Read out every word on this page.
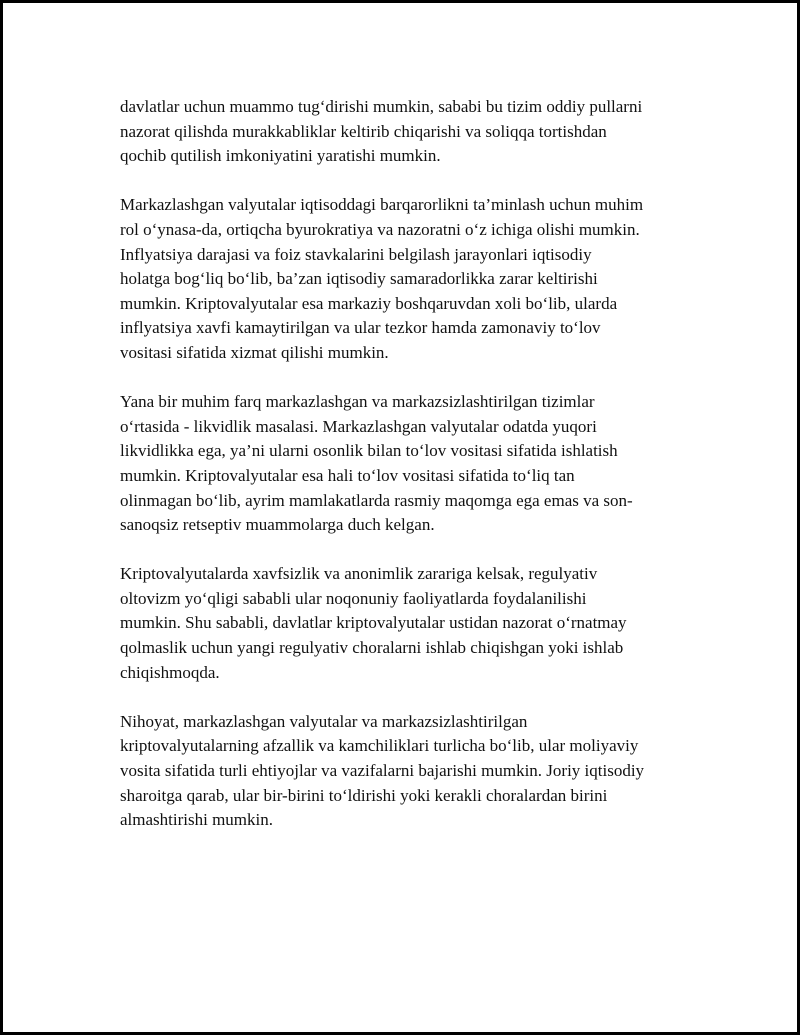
davlatlar uchun muammo tug‘dirishi mumkin, sababi bu tizim oddiy pullarni
nazorat qilishda murakkabliklar keltirib chiqarishi va soliqqa tortishdan
qochib qutilish imkoniyatini yaratishi mumkin.

Markazlashgan valyutalar iqtisoddagi barqarorlikni ta’minlash uchun muhim
rol o‘ynasa-da, ortiqcha byurokratiya va nazoratni o‘z ichiga olishi mumkin.
Inflyatsiya darajasi va foiz stavkalarini belgilash jarayonlari iqtisodiy
holatga bog‘liq bo‘lib, ba’zan iqtisodiy samaradorlikka zarar keltirishi
mumkin. Kriptovalyutalar esa markaziy boshqaruvdan xoli bo‘lib, ularda
inflyatsiya xavfi kamaytirilgan va ular tezkor hamda zamonaviy to‘lov
vositasi sifatida xizmat qilishi mumkin.

Yana bir muhim farq markazlashgan va markazsizlashtirilgan tizimlar
o‘rtasida - likvidlik masalasi. Markazlashgan valyutalar odatda yuqori
likvidlikka ega, ya’ni ularni osonlik bilan to‘lov vositasi sifatida ishlatish
mumkin. Kriptovalyutalar esa hali to‘lov vositasi sifatida to‘liq tan
olinmagan bo‘lib, ayrim mamlakatlarda rasmiy maqomga ega emas va son-
sanoqsiz retseptiv muammolarga duch kelgan.

Kriptovalyutalarda xavfsizlik va anonimlik zarariga kelsak, regulyativ
oltovizm yo‘qligi sababli ular noqonuniy faoliyatlarda foydalanilishi
mumkin. Shu sababli, davlatlar kriptovalyutalar ustidan nazorat o‘rnatmay
qolmaslik uchun yangi regulyativ choralarni ishlab chiqishgan yoki ishlab
chiqishmoqda.

Nihoyat, markazlashgan valyutalar va markazsizlashtirilgan
kriptovalyutalarning afzallik va kamchiliklari turlicha bo‘lib, ular moliyaviy
vosita sifatida turli ehtiyojlar va vazifalarni bajarishi mumkin. Joriy iqtisodiy
sharoitga qarab, ular bir-birini to‘ldirishi yoki kerakli choralardan birini
almashtirishi mumkin.
